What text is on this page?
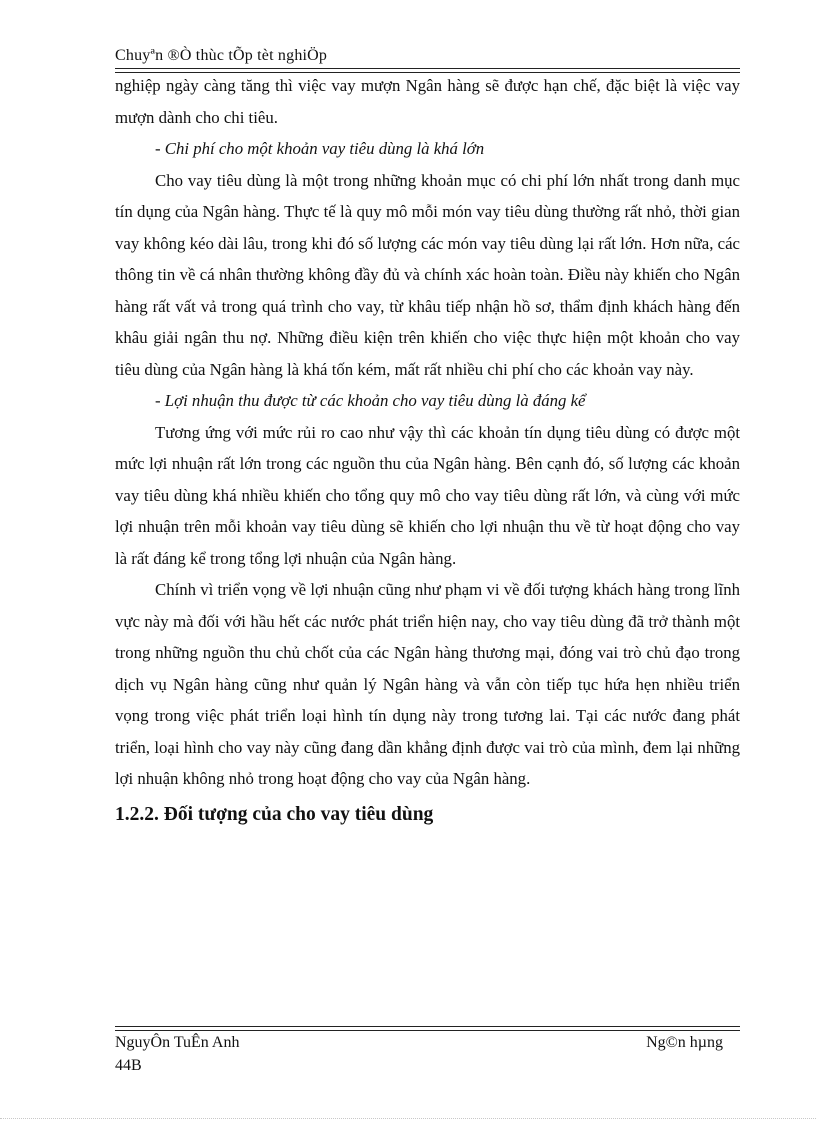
Chuyªn ®Ò thùc tÕp tèt nghiÖp

nghiệp ngày càng tăng thì việc vay mượn Ngân hàng sẽ được hạn chế, đặc biệt là việc vay mượn dành cho chi tiêu.

- Chi phí cho một khoản vay tiêu dùng là khá lớn

Cho vay tiêu dùng là một trong những khoản mục có chi phí lớn nhất trong danh mục tín dụng của Ngân hàng. Thực tế là quy mô mỗi món vay tiêu dùng thường rất nhỏ, thời gian vay không kéo dài lâu, trong khi đó số lượng các món vay tiêu dùng lại rất lớn. Hơn nữa, các thông tin về cá nhân thường không đầy đủ và chính xác hoàn toàn. Điều này khiến cho Ngân hàng rất vất vả trong quá trình cho vay, từ khâu tiếp nhận hồ sơ, thẩm định khách hàng đến khâu giải ngân thu nợ. Những điều kiện trên khiến cho việc thực hiện một khoản cho vay tiêu dùng của Ngân hàng là khá tốn kém, mất rất nhiều chi phí cho các khoản vay này.

- Lợi nhuận thu được từ các khoản cho vay tiêu dùng là đáng kể

Tương ứng với mức rủi ro cao như vậy thì các khoản tín dụng tiêu dùng có được một mức lợi nhuận rất lớn trong các nguồn thu của Ngân hàng. Bên cạnh đó, số lượng các khoản vay tiêu dùng khá nhiều khiến cho tổng quy mô cho vay tiêu dùng rất lớn, và cùng với mức lợi nhuận trên mỗi khoản vay tiêu dùng sẽ khiến cho lợi nhuận thu về từ hoạt động cho vay là rất đáng kể trong tổng lợi nhuận của Ngân hàng.

Chính vì triển vọng về lợi nhuận cũng như phạm vi về đối tượng khách hàng trong lĩnh vực này mà đối với hầu hết các nước phát triển hiện nay, cho vay tiêu dùng đã trở thành một trong những nguồn thu chủ chốt của các Ngân hàng thương mại, đóng vai trò chủ đạo trong dịch vụ Ngân hàng cũng như quản lý Ngân hàng và vẫn còn tiếp tục hứa hẹn nhiều triển vọng trong việc phát triển loại hình tín dụng này trong tương lai. Tại các nước đang phát triển, loại hình cho vay này cũng đang dần khẳng định được vai trò của mình, đem lại những lợi nhuận không nhỏ trong hoạt động cho vay của Ngân hàng.

1.2.2. Đối tượng của cho vay tiêu dùng
NguyÔn TuÊn Anh
44B
Ng©n hµng
